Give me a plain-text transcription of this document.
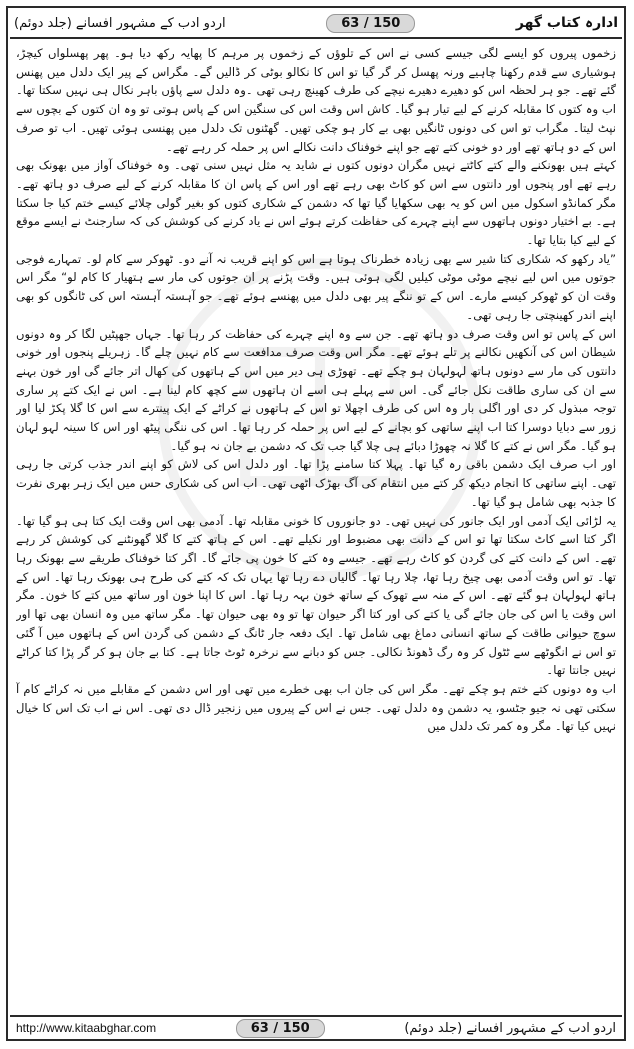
اردو ادب کے مشہور افسانے (جلد دوئم)	63 / 150	ادارہ کتاب گھر

زخموں پیروں کو ایسے لگی جیسے کسی نے اس کے تلوؤں کے زخموں پر مرہم کا پھایہ رکھ دیا ہو۔ پھر پھسلواں کیچڑ، ہوشیاری سے قدم رکھنا چاہیے ورنہ پھسل کر گر گیا تو اس کا نکالو بوٹی کر ڈالیں گے۔ مگراس کے پیر ایک دلدل میں پھنس گئے تھے۔ جو ہر لحظہ اس کو دھیرے دھیرے نیچے کی طرف کھینچ رہی تھی ۔وہ دلدل سے پاؤں باہر نکال ہی نہیں سکتا تھا۔ اب وہ کتوں کا مقابلہ کرنے کے لیے تیار ہو گیا۔ کاش اس وقت اس کی سنگین اس کے پاس ہوتی تو وہ ان کتوں کے بچوں سے نپٹ لیتا۔ مگراب تو اس کی دونوں ٹانگیں بھی بے کار ہو چکی تھیں۔ گھٹنوں تک دلدل میں پھنسی ہوئی تھیں۔ اب تو صرف اس کے دو ہاتھ تھے اور دو خونی کتے تھے جو اپنے خوفناک دانت نکالے اس پر حملہ کر رہے تھے۔

کہتے ہیں بھونکنے والے کتے کاٹتے نہیں مگران دونوں کتوں نے شاید یہ مثل نہیں سنی تھی۔ وہ خوفناک آواز میں بھونک بھی رہے تھے اور پنجوں اور دانتوں سے اس کو کاٹ بھی رہے تھے اور اس کے پاس ان کا مقابلہ کرنے کے لیے صرف دو ہاتھ تھے۔ مگر کمانڈو اسکول میں اس کو یہ بھی سکھایا گیا تھا کہ دشمن کے شکاری کتوں کو بغیر گولی چلائے کیسے ختم کیا جا سکتا ہے۔ بے اختیار دونوں ہاتھوں سے اپنے چہرے کی حفاظت کرتے ہوئے اس نے یاد کرنے کی کوشش کی کہ سارجنٹ نے ایسے موقع کے لیے کیا بتایا تھا۔

”یاد رکھو کہ شکاری کتا شیر سے بھی زیادہ خطرناک ہوتا ہے اس کو اپنے قریب نہ آنے دو۔ ٹھوکر سے کام لو۔ تمہارے فوجی جوتوں میں اس لیے نیچے موٹی موٹی کیلیں لگی ہوئی ہیں۔ وقت پڑنے پر ان جوتوں کی مار سے ہتھیار کا کام لو“ مگر اس وقت ان کو ٹھوکر کیسے مارے۔ اس کے تو ننگے پیر بھی دلدل میں پھنسے ہوئے تھے۔ جو آہستہ آہستہ اس کی ٹانگوں کو بھی اپنے اندر کھینچتی جا رہی تھی۔

اس کے پاس تو اس وقت صرف دو ہاتھ تھے۔ جن سے وہ اپنے چہرے کی حفاظت کر رہا تھا۔ جہاں جھپٹیں لگا کر وہ دونوں شیطان اس کی آنکھیں نکالنے پر تلے ہوئے تھے۔ مگر اس وقت صرف مدافعت سے کام نہیں چلے گا۔ زہریلے پنجوں اور خونی دانتوں کی مار سے دونوں ہاتھ لہولہان ہو چکے تھے۔ تھوڑی ہی دیر میں اس کے ہاتھوں کی کھال اتر جائے گی اور خون بہنے سے ان کی ساری طاقت نکل جائے گی۔ اس سے پہلے ہی اسے ان ہاتھوں سے کچھ کام لینا ہے۔ اس نے ایک کتے پر ساری توجہ مبذول کر دی اور اگلی بار وہ اس کی طرف اچھلا تو اس کے ہاتھوں نے کراٹے کے ایک پینترے سے اس کا گلا پکڑ لیا اور زور سے دبایا دوسرا کتا اب اپنے ساتھی کو بچانے کے لیے اس پر حملہ کر رہا تھا۔ اس کی ننگی پیٹھ اور اس کا سینہ لہو لہان ہو گیا۔ مگر اس نے کتے کا گلا نہ چھوڑا دبائے ہی چلا گیا جب تک کہ دشمن بے جان نہ ہو گیا۔

اور اب صرف ایک دشمن باقی رہ گیا تھا۔ پہلا کتا سامنے پڑا تھا۔ اور دلدل اس کی لاش کو اپنے اندر جذب کرتی جا رہی تھی۔ اپنے ساتھی کا انجام دیکھ کر کتے میں انتقام کی آگ بھڑک اٹھی تھی۔ اب اس کی شکاری حس میں ایک زہر بھری نفرت کا جذبہ بھی شامل ہو گیا تھا۔

یہ لڑائی ایک آدمی اور ایک جانور کی نہیں تھی۔ دو جانوروں کا خونی مقابلہ تھا۔ آدمی بھی اس وقت ایک کتا ہی ہو گیا تھا۔ اگر کتا اسے کاٹ سکتا تھا تو اس کے دانت بھی مضبوط اور نکیلے تھے۔ اس کے ہاتھ کتے کا گلا گھونٹنے کی کوشش کر رہے تھے۔ اس کے دانت کتے کی گردن کو کاٹ رہے تھے۔ جیسے وہ کتے کا خون پی جائے گا۔ اگر کتا خوفناک طریقے سے بھونک رہا تھا۔ تو اس وقت آدمی بھی چیخ رہا تھا، چلا رہا تھا۔ گالیاں دے رہا تھا یہاں تک کہ کتے کی طرح ہی بھونک رہا تھا۔ اس کے ہاتھ لہولہان ہو گئے تھے۔ اس کے منہ سے تھوک کے ساتھ خون بہہ رہا تھا۔ اس کا اپنا خون اور ساتھ میں کتے کا خون۔ مگر اس وقت یا اس کی جان جائے گی یا کتے کی اور کتا اگر حیوان تھا تو وہ بھی حیوان تھا۔ مگر ساتھ میں وہ انسان بھی تھا اور سوچ حیوانی طاقت کے ساتھ انسانی دماغ بھی شامل تھا۔ ایک دفعہ جار ٹانگ کے دشمن کی گردن اس کے ہاتھوں میں آ گئی تو اس نے انگوٹھے سے ٹٹول کر وہ رگ ڈھونڈ نکالی۔ جس کو دبانے سے نرخرہ ٹوٹ جاتا ہے۔ کتا بے جان ہو کر گر پڑا کتا کراٹے نہیں جانتا تھا۔

اب وہ دونوں کتے ختم ہو چکے تھے۔ مگر اس کی جان اب بھی خطرے میں تھی اور اس دشمن کے مقابلے میں نہ کراٹے کام آ سکتی تھی نہ جیو جٹسو، یہ دشمن وہ دلدل تھی۔ جس نے اس کے پیروں میں زنجیر ڈال دی تھی۔ اس نے اب تک اس کا خیال نہیں کیا تھا۔ مگر وہ کمر تک دلدل میں

http://www.kitaabghar.com	63 / 150	اردو ادب کے مشہور افسانے (جلد دوئم)
